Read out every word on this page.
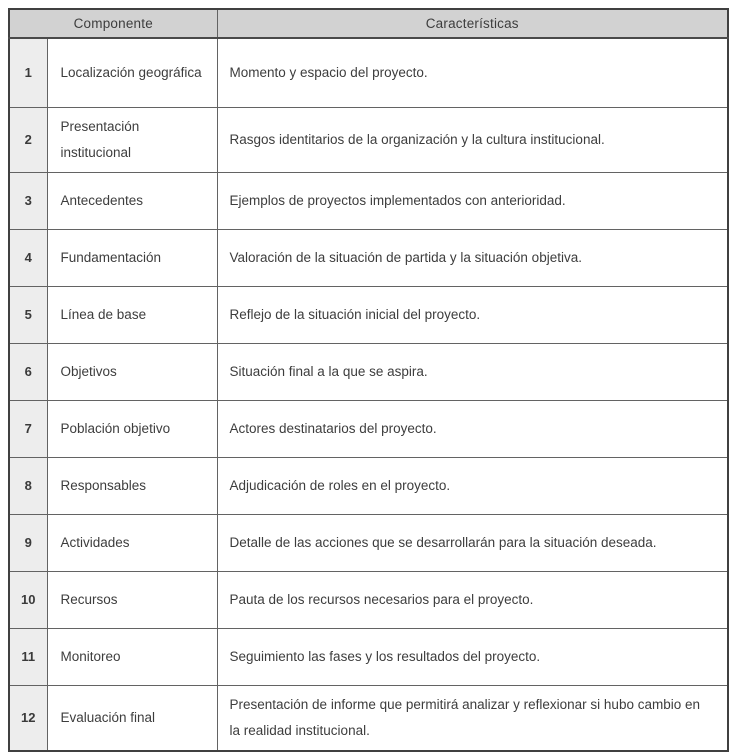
Componente		Características
1	Localización geográfica	Momento y espacio del proyecto.
2	Presentación institucional	Rasgos identitarios de la organización y la cultura institucional.
3	Antecedentes	Ejemplos de proyectos implementados con anterioridad.
4	Fundamentación	Valoración de la situación de partida y la situación objetiva.
5	Línea de base	Reflejo de la situación inicial del proyecto.
6	Objetivos	Situación final a la que se aspira.
7	Población objetivo	Actores destinatarios del proyecto.
8	Responsables	Adjudicación de roles en el proyecto.
9	Actividades	Detalle de las acciones que se desarrollarán para la situación deseada.
10	Recursos	Pauta de los recursos necesarios para el proyecto.
11	Monitoreo	Seguimiento las fases y los resultados del proyecto.
12	Evaluación final	Presentación de informe que permitirá analizar y reflexionar si hubo cambio en la realidad institucional.
